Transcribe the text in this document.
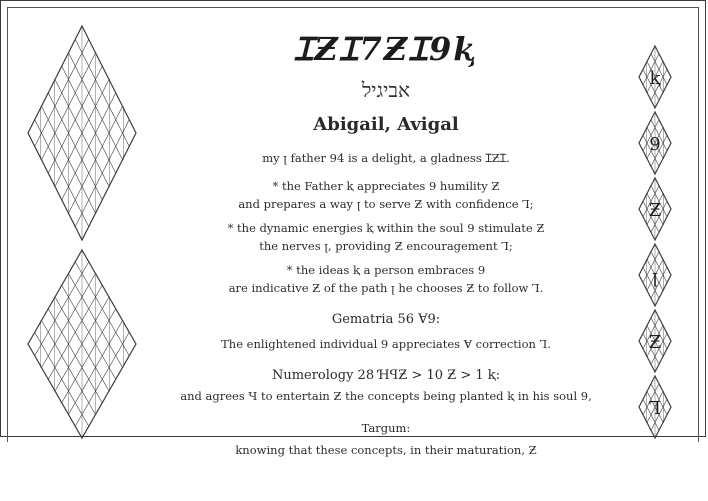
ⱪ
9
Ƶ
ꞁ
Ƶ
Ꞁ
ꞮƵꞮ7ƵꞮ9ⱪ
אביגיל
Abigail, Avigal
my ꞁ father 94 is a delight, a gladness ꞮƵꞮ.
* the Father ⱪ appreciates 9 humility Ƶ
and prepares a way ꞁ to serve Ƶ with confidence Ꞁ;
* the dynamic energies ⱪ within the soul 9 stimulate Ƶ
the nerves ꞁ, providing Ƶ encouragement Ꞁ;
* the ideas ⱪ a person embraces 9
are indicative Ƶ of the path ꞁ he chooses Ƶ to follow Ꞁ.
Gematria 56 Ɐ9:
The enlightened individual 9 appreciates Ɐ correction Ꞁ.
Numerology 28 ꞪꟼƵ > 10 Ƶ > 1 ⱪ:
and agrees Ɥ to entertain Ƶ the concepts being planted ⱪ in his soul 9,
Targum:
knowing that these concepts, in their maturation, Ƶ
